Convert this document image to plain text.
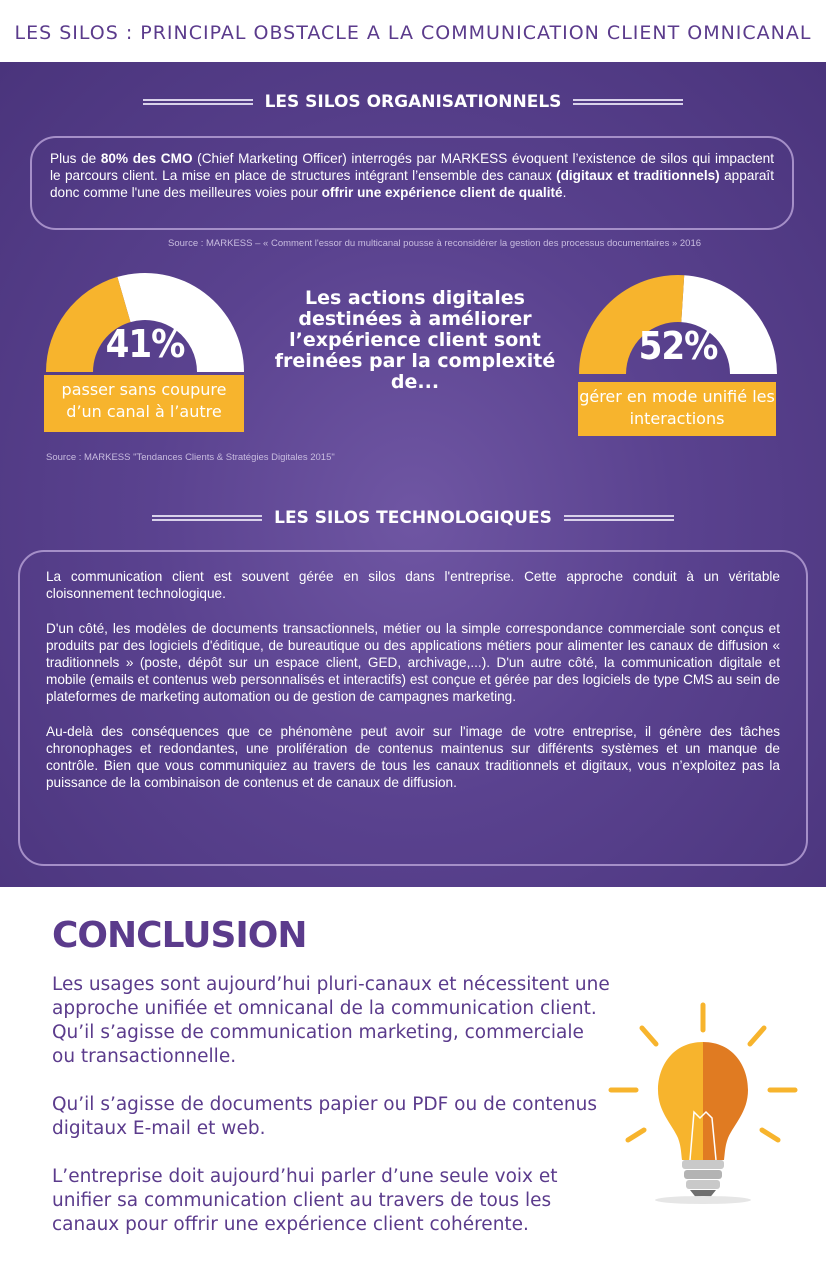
LES SILOS : PRINCIPAL OBSTACLE A LA COMMUNICATION CLIENT OMNICANAL
LES SILOS ORGANISATIONNELS
Plus de 80% des CMO (Chief Marketing Officer) interrogés par MARKESS évoquent l’existence de silos qui impactent le parcours client. La mise en place de structures intégrant l’ensemble des canaux (digitaux et traditionnels) apparaît donc comme l'une des meilleures voies pour offrir une expérience client de qualité.
Source : MARKESS – « Comment l'essor du multicanal pousse à reconsidérer la gestion des processus documentaires » 2016
41%
passer sans coupure d’un canal à l’autre
Les actions digitales destinées à améliorer l’expérience client sont freinées par la complexité de...
52%
gérer en mode unifié les interactions
Source : MARKESS "Tendances Clients & Stratégies Digitales 2015"
LES SILOS TECHNOLOGIQUES

La communication client est souvent gérée en silos dans l'entreprise. Cette approche conduit à un véritable cloisonnement technologique.

D'un côté, les modèles de documents transactionnels, métier ou la simple correspondance commerciale sont conçus et produits par des logiciels d'éditique, de bureautique ou des applications métiers pour alimenter les canaux de diffusion « traditionnels » (poste, dépôt sur un espace client, GED, archivage,...). D'un autre côté, la communication digitale et mobile (emails et contenus web personnalisés et interactifs) est conçue et gérée par des logiciels de type CMS au sein de plateformes de marketing automation ou de gestion de campagnes marketing.

Au-delà des conséquences que ce phénomène peut avoir sur l'image de votre entreprise, il génère des tâches chronophages et redondantes, une prolifération de contenus maintenus sur différents systèmes et un manque de contrôle. Bien que vous communiquiez au travers de tous les canaux traditionnels et digitaux, vous n’exploitez pas la puissance de la combinaison de contenus et de canaux de diffusion.

CONCLUSION

Les usages sont aujourd’hui pluri-canaux et nécessitent une approche unifiée et omnicanal de la communication client. Qu’il s’agisse de communication marketing, commerciale ou transactionnelle.

Qu’il s’agisse de documents papier ou PDF ou de contenus digitaux E-mail et web.

L’entreprise doit aujourd’hui parler d’une seule voix et unifier sa communication client au travers de tous les canaux pour offrir une expérience client cohérente.
